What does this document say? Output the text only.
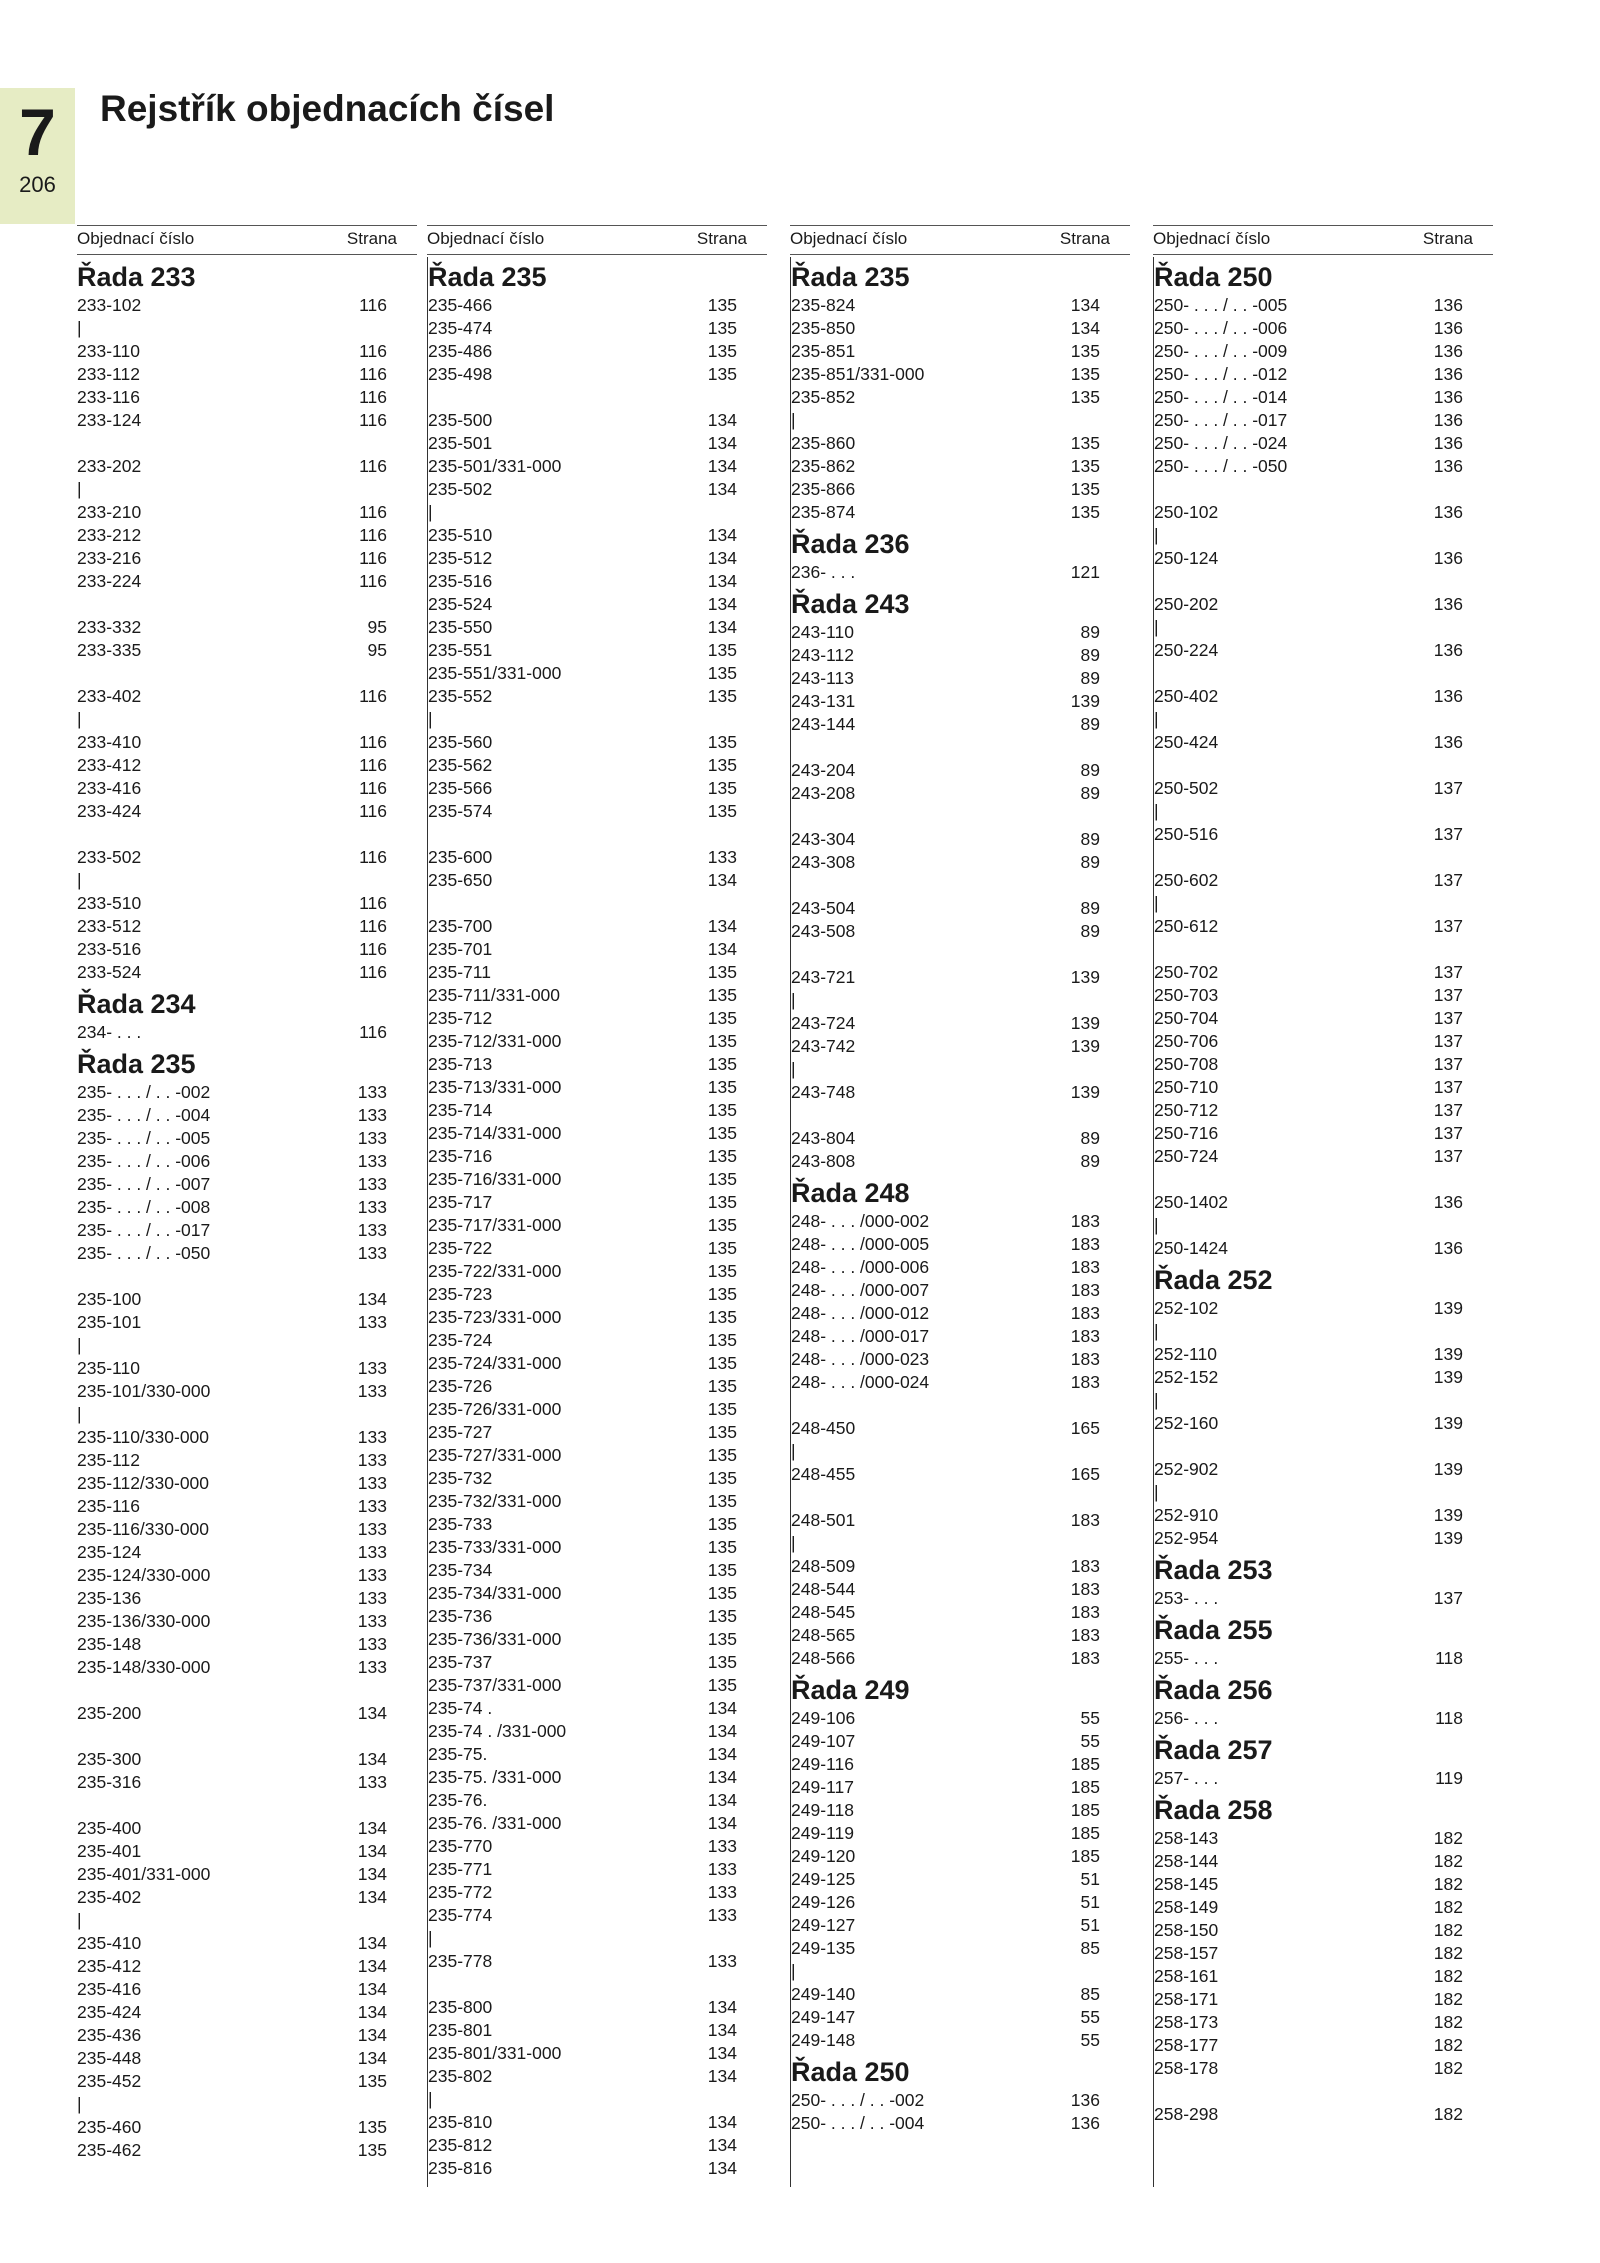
7
206
Rejstřík objednacích čísel
Objednací číslo	Strana
Řada 233
233-102	116
|
233-110	116
233-112	116
233-116	116
233-124	116
233-202	116
|
233-210	116
233-212	116
233-216	116
233-224	116
233-332	95
233-335	95
233-402	116
|
233-410	116
233-412	116
233-416	116
233-424	116
233-502	116
|
233-510	116
233-512	116
233-516	116
233-524	116
Řada 234
234- . . .	116
Řada 235
235- . . . / . . -002	133
235- . . . / . . -004	133
235- . . . / . . -005	133
235- . . . / . . -006	133
235- . . . / . . -007	133
235- . . . / . . -008	133
235- . . . / . . -017	133
235- . . . / . . -050	133
235-100	134
235-101	133
|
235-110	133
235-101/330-000	133
|
235-110/330-000	133
235-112	133
235-112/330-000	133
235-116	133
235-116/330-000	133
235-124	133
235-124/330-000	133
235-136	133
235-136/330-000	133
235-148	133
235-148/330-000	133
235-200	134
235-300	134
235-316	133
235-400	134
235-401	134
235-401/331-000	134
235-402	134
|
235-410	134
235-412	134
235-416	134
235-424	134
235-436	134
235-448	134
235-452	135
|
235-460	135
235-462	135
Objednací číslo	Strana
Řada 235
235-466	135
235-474	135
235-486	135
235-498	135
235-500	134
235-501	134
235-501/331-000	134
235-502	134
|
235-510	134
235-512	134
235-516	134
235-524	134
235-550	134
235-551	135
235-551/331-000	135
235-552	135
|
235-560	135
235-562	135
235-566	135
235-574	135
235-600	133
235-650	134
235-700	134
235-701	134
235-711	135
235-711/331-000	135
235-712	135
235-712/331-000	135
235-713	135
235-713/331-000	135
235-714	135
235-714/331-000	135
235-716	135
235-716/331-000	135
235-717	135
235-717/331-000	135
235-722	135
235-722/331-000	135
235-723	135
235-723/331-000	135
235-724	135
235-724/331-000	135
235-726	135
235-726/331-000	135
235-727	135
235-727/331-000	135
235-732	135
235-732/331-000	135
235-733	135
235-733/331-000	135
235-734	135
235-734/331-000	135
235-736	135
235-736/331-000	135
235-737	135
235-737/331-000	135
235-74 .	134
235-74 . /331-000	134
235-75.	134
235-75. /331-000	134
235-76.	134
235-76. /331-000	134
235-770	133
235-771	133
235-772	133
235-774	133
|
235-778	133
235-800	134
235-801	134
235-801/331-000	134
235-802	134
|
235-810	134
235-812	134
235-816	134
Objednací číslo	Strana
Řada 235
235-824	134
235-850	134
235-851	135
235-851/331-000	135
235-852	135
|
235-860	135
235-862	135
235-866	135
235-874	135
Řada 236
236- . . .	121
Řada 243
243-110	89
243-112	89
243-113	89
243-131	139
243-144	89
243-204	89
243-208	89
243-304	89
243-308	89
243-504	89
243-508	89
243-721	139
|
243-724	139
243-742	139
|
243-748	139
243-804	89
243-808	89
Řada 248
248- . . . /000-002	183
248- . . . /000-005	183
248- . . . /000-006	183
248- . . . /000-007	183
248- . . . /000-012	183
248- . . . /000-017	183
248- . . . /000-023	183
248- . . . /000-024	183
248-450	165
|
248-455	165
248-501	183
|
248-509	183
248-544	183
248-545	183
248-565	183
248-566	183
Řada 249
249-106	55
249-107	55
249-116	185
249-117	185
249-118	185
249-119	185
249-120	185
249-125	51
249-126	51
249-127	51
249-135	85
|
249-140	85
249-147	55
249-148	55
Řada 250
250- . . . / . . -002	136
250- . . . / . . -004	136
Objednací číslo	Strana
Řada 250
250- . . . / . . -005	136
250- . . . / . . -006	136
250- . . . / . . -009	136
250- . . . / . . -012	136
250- . . . / . . -014	136
250- . . . / . . -017	136
250- . . . / . . -024	136
250- . . . / . . -050	136
250-102	136
|
250-124	136
250-202	136
|
250-224	136
250-402	136
|
250-424	136
250-502	137
|
250-516	137
250-602	137
|
250-612	137
250-702	137
250-703	137
250-704	137
250-706	137
250-708	137
250-710	137
250-712	137
250-716	137
250-724	137
250-1402	136
|
250-1424	136
Řada 252
252-102	139
|
252-110	139
252-152	139
|
252-160	139
252-902	139
|
252-910	139
252-954	139
Řada 253
253- . . .	137
Řada 255
255- . . .	118
Řada 256
256- . . .	118
Řada 257
257- . . .	119
Řada 258
258-143	182
258-144	182
258-145	182
258-149	182
258-150	182
258-157	182
258-161	182
258-171	182
258-173	182
258-177	182
258-178	182
258-298	182
